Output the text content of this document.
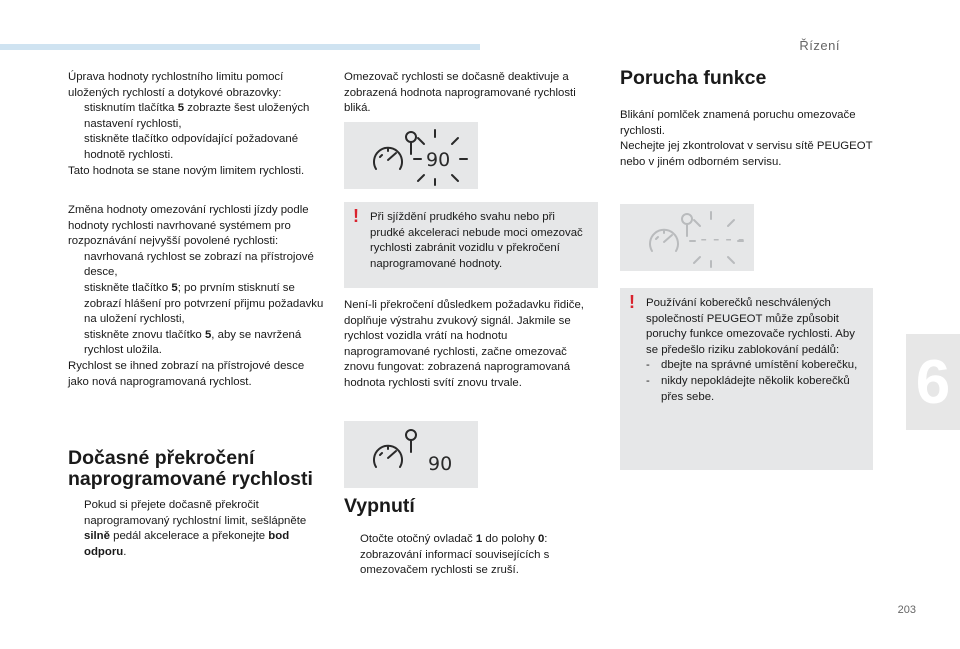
Řízení
6
203

Úprava hodnoty rychlostního limitu pomocí uložených rychlostí a dotykové obrazovky:

stisknutím tlačítka 5 zobrazte šest uložených nastavení rychlosti,
stiskněte tlačítko odpovídající požadované hodnotě rychlosti.

Tato hodnota se stane novým limitem rychlosti.

Změna hodnoty omezování rychlosti jízdy podle hodnoty rychlosti navrhované systémem pro rozpoznávání nejvyšší povolené rychlosti:

navrhovaná rychlost se zobrazí na přístrojové desce,
stiskněte tlačítko 5; po prvním stisknutí se zobrazí hlášení pro potvrzení přijmu požadavku na uložení rychlosti,
stiskněte znovu tlačítko 5, aby se navržená rychlost uložila.

Rychlost se ihned zobrazí na přístrojové desce jako nová naprogramovaná rychlost.

Dočasné překročení naprogramované rychlosti
Pokud si přejete dočasně překročit naprogramovaný rychlostní limit, sešlápněte silně pedál akcelerace a překonejte bod odporu.
Omezovač rychlosti se dočasně deaktivuje a zobrazená hodnota naprogramované rychlosti bliká.
90
! Při sjíždění prudkého svahu nebo při prudké akceleraci nebude moci omezovač rychlosti zabránit vozidlu v překročení naprogramované hodnoty.
Není-li překročení důsledkem požadavku řidiče, doplňuje výstrahu zvukový signál. Jakmile se rychlost vozidla vrátí na hodnotu naprogramované rychlosti, začne omezovač znovu fungovat: zobrazená naprogramovaná hodnota rychlosti svítí znovu trvale.
90
Vypnutí
Otočte otočný ovladač 1 do polohy 0: zobrazování informací souvisejících s omezovačem rychlosti se zruší.
Porucha funkce

Blikání pomlček znamená poruchu omezovače rychlosti.

Nechejte jej zkontrolovat v servisu sítě PEUGEOT nebo v jiném odborném servisu.

----
! Používání koberečků neschválených společností PEUGEOT může způsobit poruchy funkce omezovače rychlosti. Aby se předešlo riziku zablokování pedálů:

- dbejte na správné umístění koberečku,
- nikdy nepokládejte několik koberečků přes sebe.
